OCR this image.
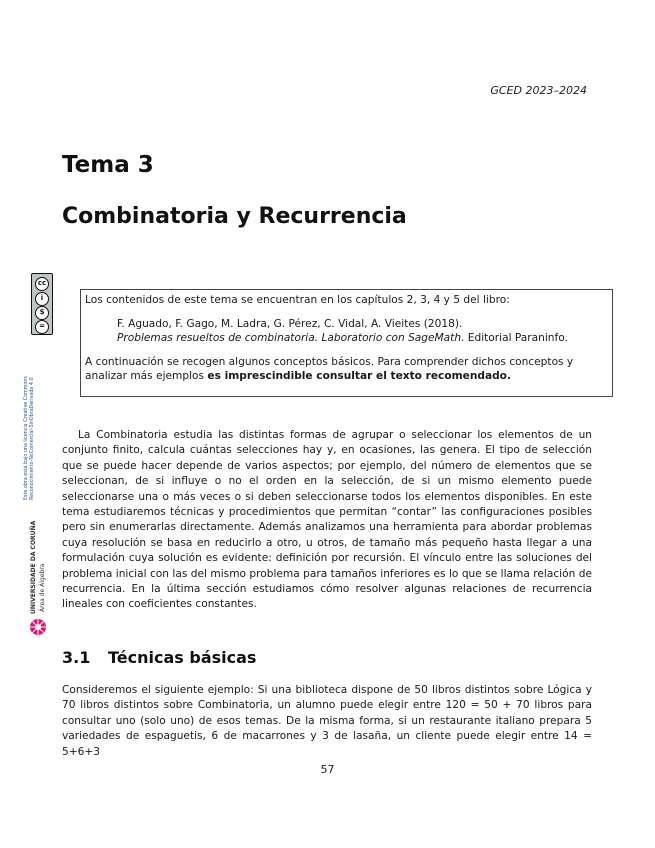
GCED 2023–2024
Tema 3
Combinatoria y Recurrencia

Los contenidos de este tema se encuentran en los capítulos 2, 3, 4 y 5 del libro:

F. Aguado, F. Gago, M. Ladra, G. Pérez, C. Vidal, A. Vieites (2018).
Problemas resueltos de combinatoria. Laboratorio con SageMath. Editorial Paraninfo.

A continuación se recogen algunos conceptos básicos. Para comprender dichos conceptos y analizar más ejemplos es imprescindible consultar el texto recomendado.

La Combinatoria estudia las distintas formas de agrupar o seleccionar los elementos de un conjunto finito, calcula cuántas selecciones hay y, en ocasiones, las genera. El tipo de selección que se puede hacer depende de varios aspectos; por ejemplo, del número de elementos que se seleccionan, de si influye o no el orden en la selección, de si un mismo elemento puede seleccionarse una o más veces o si deben seleccionarse todos los elementos disponibles. En este tema estudiaremos técnicas y procedimientos que permitan “contar” las configuraciones posibles pero sin enumerarlas directamente. Además analizamos una herramienta para abordar problemas cuya resolución se basa en reducirlo a otro, u otros, de tamaño más pequeño hasta llegar a una formulación cuya solución es evidente: definición por recursión. El vínculo entre las soluciones del problema inicial con las del mismo problema para tamaños inferiores es lo que se llama relación de recurrencia. En la última sección estudiamos cómo resolver algunas relaciones de recurrencia lineales con coeficientes constantes.

3.1 Técnicas básicas

Consideremos el siguiente ejemplo: Si una biblioteca dispone de 50 libros distintos sobre Lógica y 70 libros distintos sobre Combinatoria, un alumno puede elegir entre 120 = 50 + 70 libros para consultar uno (solo uno) de esos temas. De la misma forma, si un restaurante italiano prepara 5 variedades de espaguetis, 6 de macarrones y 3 de lasaña, un cliente puede elegir entre 14 = 5+6+3

57
cc
i
$
=
Este obra está bajo una licencia Creative Commons Reconocimiento-NoComercial-SinObraDerivada 4.0
UNIVERSIDADE DA CORUÑA Área de Álgebra
